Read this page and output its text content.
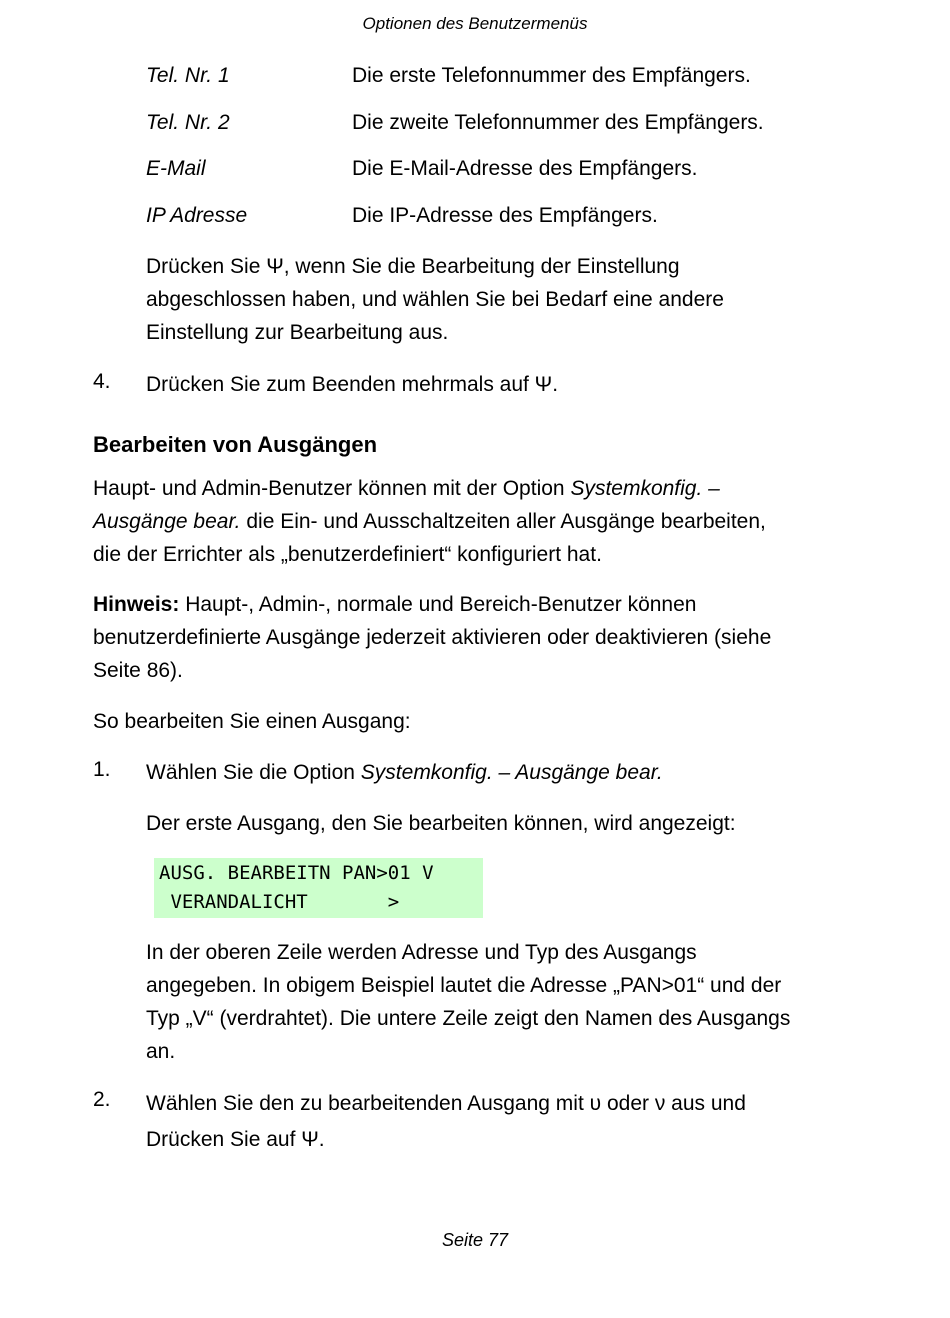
Optionen des Benutzermenüs
Tel. Nr. 1	Die erste Telefonnummer des Empfängers.
Tel. Nr. 2	Die zweite Telefonnummer des Empfängers.
E-Mail	Die E-Mail-Adresse des Empfängers.
IP Adresse	Die IP-Adresse des Empfängers.
Drücken Sie Ψ, wenn Sie die Bearbeitung der Einstellung
abgeschlossen haben, und wählen Sie bei Bedarf eine andere
Einstellung zur Bearbeitung aus.
4. Drücken Sie zum Beenden mehrmals auf Ψ.
Bearbeiten von Ausgängen
Haupt- und Admin-Benutzer können mit der Option Systemkonfig. –
Ausgänge bear. die Ein- und Ausschaltzeiten aller Ausgänge bearbeiten,
die der Errichter als „benutzerdefiniert“ konfiguriert hat.
Hinweis: Haupt-, Admin-, normale und Bereich-Benutzer können
benutzerdefinierte Ausgänge jederzeit aktivieren oder deaktivieren (siehe
Seite 86).
So bearbeiten Sie einen Ausgang:
1. Wählen Sie die Option Systemkonfig. – Ausgänge bear.
Der erste Ausgang, den Sie bearbeiten können, wird angezeigt:
AUSG. BEARBEITN PAN>01 V
VERANDALICHT       >
In der oberen Zeile werden Adresse und Typ des Ausgangs
angegeben. In obigem Beispiel lautet die Adresse „PAN>01“ und der
Typ „V“ (verdrahtet). Die untere Zeile zeigt den Namen des Ausgangs
an.
2. Wählen Sie den zu bearbeitenden Ausgang mit υ oder ν aus und
Drücken Sie auf Ψ.
Seite 77
